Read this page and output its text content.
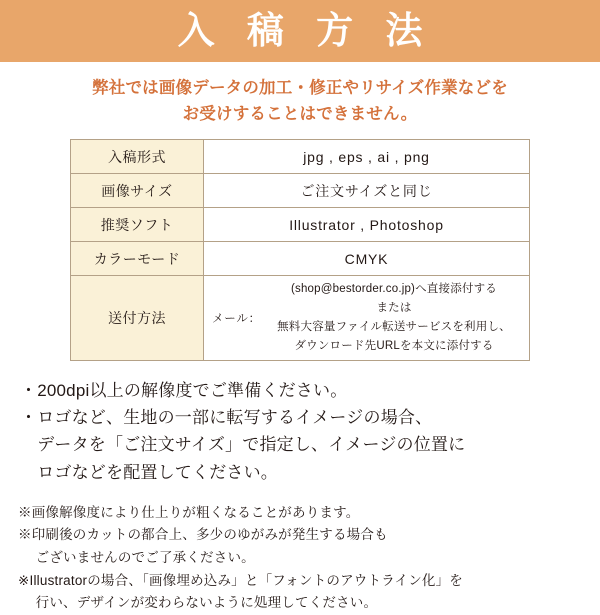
入 稿 方 法
弊社では画像データの加工・修正やリサイズ作業などを
お受けすることはできません。
入稿形式	jpg , eps , ai , png
画像サイズ	ご注文サイズと同じ
推奨ソフト	Illustrator , Photoshop
カラーモード	CMYK
送付方法	メール：
(shop@bestorder.co.jp)へ直接添付する
または
無料大容量ファイル転送サービスを利用し、
ダウンロード先URLを本文に添付する
・200dpi以上の解像度でご準備ください。
・ロゴなど、生地の一部に転写するイメージの場合、
　データを「ご注文サイズ」で指定し、イメージの位置に
　ロゴなどを配置してください。
※画像解像度により仕上りが粗くなることがあります。
※印刷後のカットの都合上、多少のゆがみが発生する場合も
　 ございませんのでご了承ください。
※Illustratorの場合、「画像埋め込み」と「フォントのアウトライン化」を
　 行い、デザインが変わらないように処理してください。
